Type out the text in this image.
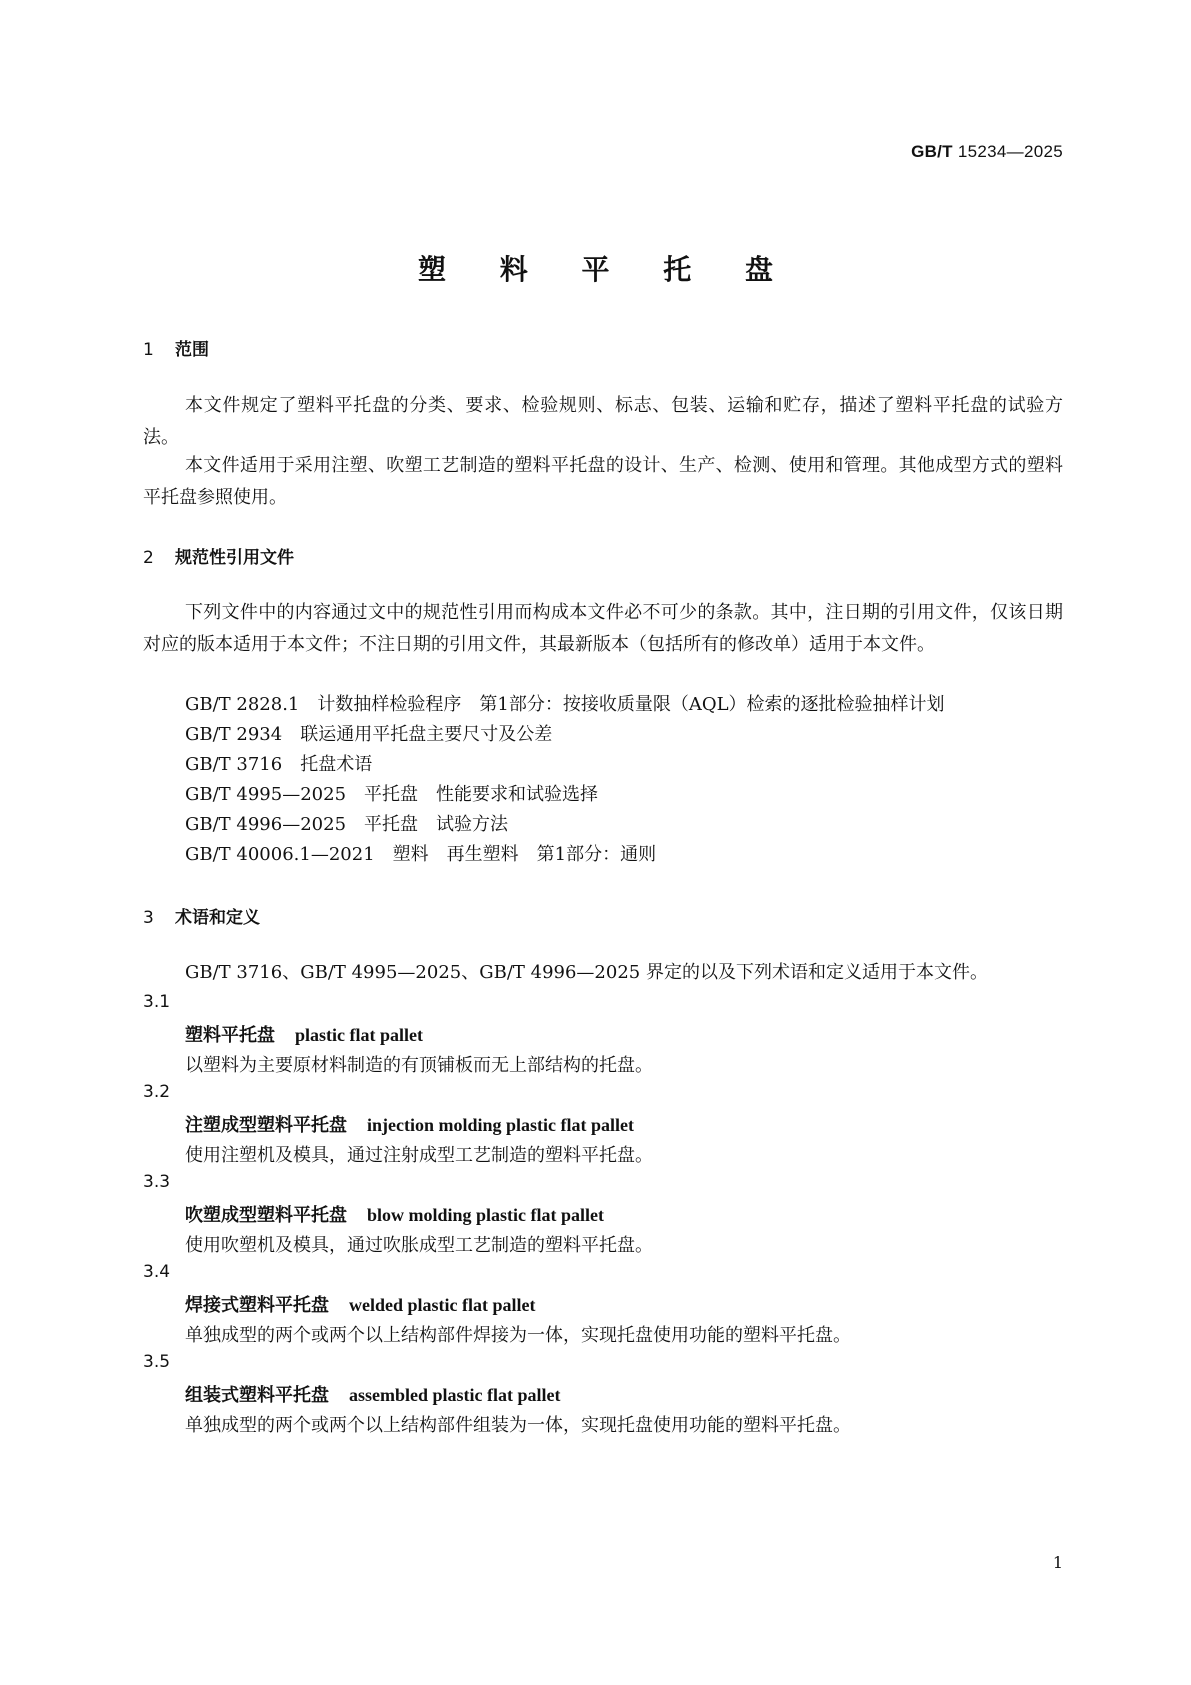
GB/T 15234—2025
塑 料 平 托 盘
1 范围

本文件规定了塑料平托盘的分类、要求、检验规则、标志、包装、运输和贮存，描述了塑料平托盘的试验方法。

本文件适用于采用注塑、吹塑工艺制造的塑料平托盘的设计、生产、检测、使用和管理。其他成型方式的塑料平托盘参照使用。

2 规范性引用文件

下列文件中的内容通过文中的规范性引用而构成本文件必不可少的条款。其中，注日期的引用文件，仅该日期对应的版本适用于本文件；不注日期的引用文件，其最新版本（包括所有的修改单）适用于本文件。

GB/T 2828.1　计数抽样检验程序　第1部分：按接收质量限（AQL）检索的逐批检验抽样计划
GB/T 2934　联运通用平托盘主要尺寸及公差
GB/T 3716　托盘术语
GB/T 4995—2025　平托盘　性能要求和试验选择
GB/T 4996—2025　平托盘　试验方法
GB/T 40006.1—2021　塑料　再生塑料　第1部分：通则
3 术语和定义
GB/T 3716、GB/T 4995—2025、GB/T 4996—2025 界定的以及下列术语和定义适用于本文件。
3.1
塑料平托盘 plastic flat pallet
以塑料为主要原材料制造的有顶铺板而无上部结构的托盘。
3.2
注塑成型塑料平托盘 injection molding plastic flat pallet
使用注塑机及模具，通过注射成型工艺制造的塑料平托盘。
3.3
吹塑成型塑料平托盘 blow molding plastic flat pallet
使用吹塑机及模具，通过吹胀成型工艺制造的塑料平托盘。
3.4
焊接式塑料平托盘 welded plastic flat pallet
单独成型的两个或两个以上结构部件焊接为一体，实现托盘使用功能的塑料平托盘。
3.5
组装式塑料平托盘 assembled plastic flat pallet
单独成型的两个或两个以上结构部件组装为一体，实现托盘使用功能的塑料平托盘。
1
